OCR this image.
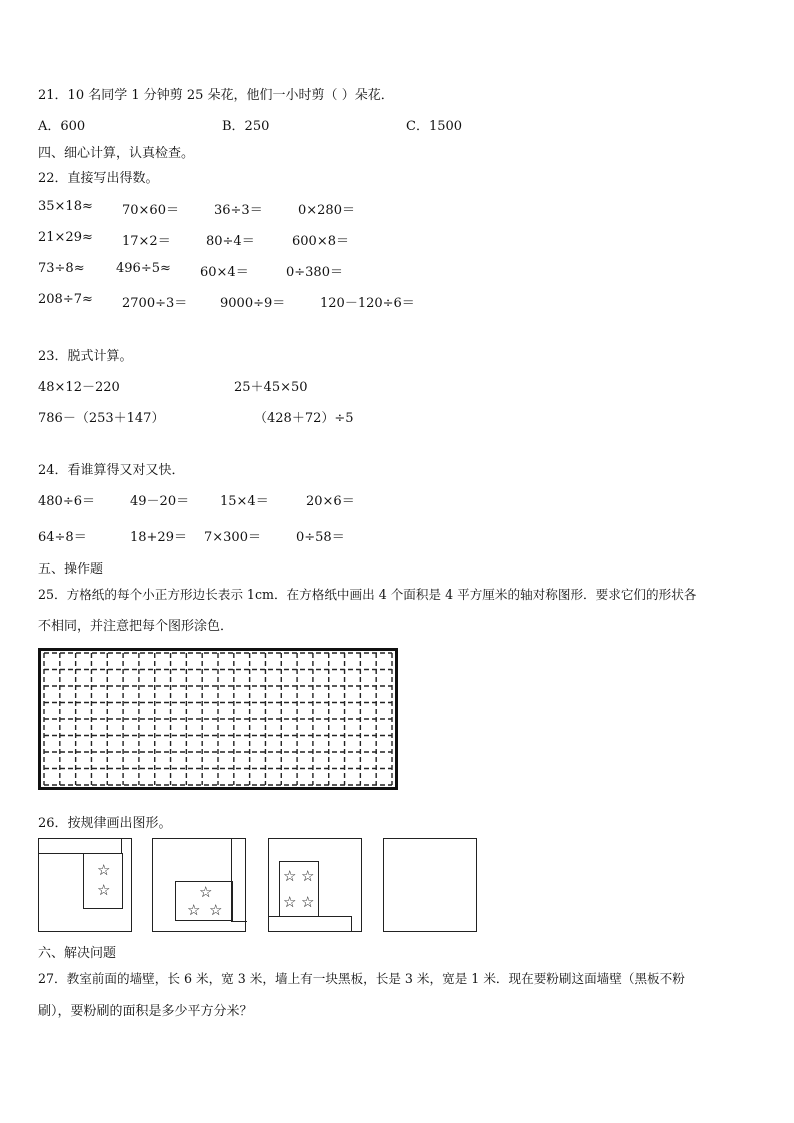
21．10 名同学 1 分钟剪 25 朵花，他们一小时剪（ ）朵花．
A．600	B．250	C．1500
四、细心计算，认真检查。
22．直接写出得数。
35×18≈ 70×60＝	36÷3＝	0×280＝
21×29≈ 17×2＝	80÷4＝	600×8＝
73÷8≈ 496÷5≈ 60×4＝	0÷380＝
208÷7≈ 2700÷3＝	9000÷9＝	120－120÷6＝
23．脱式计算。
48×12－220	25＋45×50
786－（253＋147）	（428＋72）÷5
24．看谁算得又对又快．
480÷6＝	49－20＝ 15×4＝	20×6＝
64÷8＝	18+29＝ 7×300＝	0÷58＝
五、操作题
25．方格纸的每个小正方形边长表示 1cm．在方格纸中画出 4 个面积是 4 平方厘米的轴对称图形．要求它们的形状各
不相同，并注意把每个图形涂色．
26．按规律画出图形。
☆
☆	☆
☆ ☆
☆ ☆
☆ ☆
六、解决问题
27．教室前面的墙壁，长 6 米，宽 3 米，墙上有一块黑板，长是 3 米，宽是 1 米．现在要粉刷这面墙壁（黑板不粉
刷），要粉刷的面积是多少平方分米？
